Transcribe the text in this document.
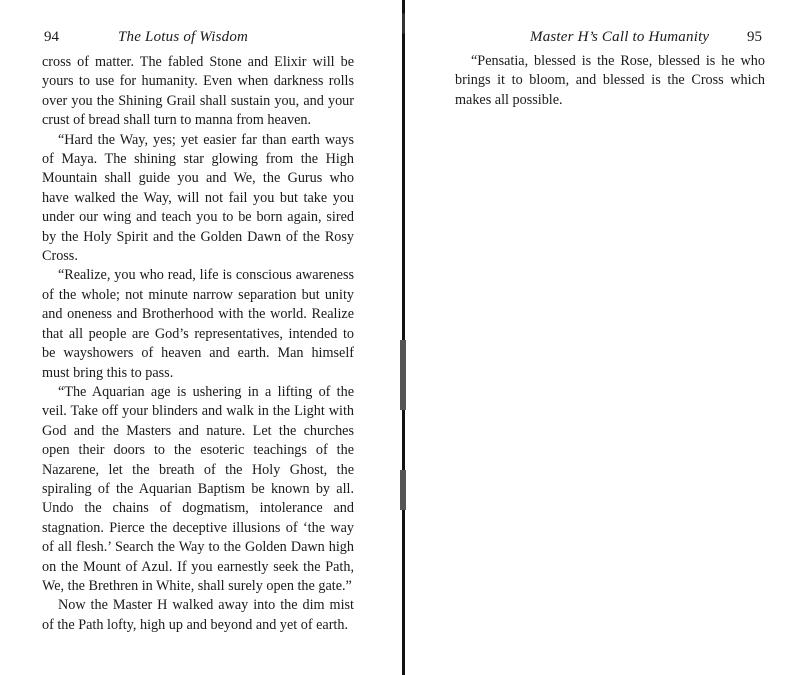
94	The Lotus of Wisdom

cross of matter. The fabled Stone and Elixir will be yours to use for humanity. Even when darkness rolls over you the Shining Grail shall sustain you, and your crust of bread shall turn to manna from heaven.

“Hard the Way, yes; yet easier far than earth ways of Maya. The shining star glowing from the High Mountain shall guide you and We, the Gurus who have walked the Way, will not fail you but take you under our wing and teach you to be born again, sired by the Holy Spirit and the Golden Dawn of the Rosy Cross.

“Realize, you who read, life is conscious awareness of the whole; not minute narrow separation but unity and oneness and Brotherhood with the world. Realize that all people are God’s representatives, intended to be wayshowers of heaven and earth. Man himself must bring this to pass.

“The Aquarian age is ushering in a lifting of the veil. Take off your blinders and walk in the Light with God and the Masters and nature. Let the churches open their doors to the esoteric teachings of the Nazarene, let the breath of the Holy Ghost, the spiraling of the Aquarian Baptism be known by all. Undo the chains of dogmatism, intolerance and stagnation. Pierce the deceptive illusions of ‘the way of all flesh.’ Search the Way to the Golden Dawn high on the Mount of Azul. If you earnestly seek the Path, We, the Brethren in White, shall surely open the gate.”

Now the Master H walked away into the dim mist of the Path lofty, high up and beyond and yet of earth.

Master H’s Call to Humanity	95

“Pensatia, blessed is the Rose, blessed is he who brings it to bloom, and blessed is the Cross which makes all possible.
